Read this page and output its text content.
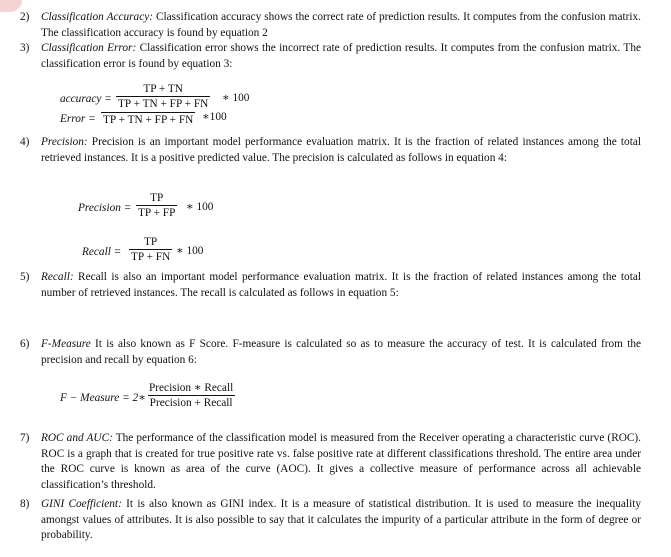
2)	Classification Accuracy: Classification accuracy shows the correct rate of prediction results. It computes from the confusion matrix. The classification accuracy is found by equation 2
3)	Classification Error: Classification error shows the incorrect rate of prediction results. It computes from the confusion matrix. The classification error is found by equation 3:
accuracy = $\frac{TP + TN}{TP + TN + FP + FN}$ ∗ 100
Error = TP + TN + FP + FN ∗100
4)	Precision: Precision is an important model performance evaluation matrix. It is the fraction of related instances among the total retrieved instances. It is a positive predicted value. The precision is calculated as follows in equation 4:
Precision = $\frac{TP}{TP + FP}$ ∗ 100
Recall = $\frac{TP}{TP + FN}$ ∗ 100
5)	Recall: Recall is also an important model performance evaluation matrix. It is the fraction of related instances among the total number of retrieved instances. The recall is calculated as follows in equation 5:
6)	F-Measure It is also known as F Score. F-measure is calculated so as to measure the accuracy of test. It is calculated from the precision and recall by equation 6:
F − Measure = 2∗
Precision ∗ Recall
Precision + Recall
7)	ROC and AUC: The performance of the classification model is measured from the Receiver operating a characteristic curve (ROC). ROC is a graph that is created for true positive rate vs. false positive rate at different classifications threshold. The entire area under the ROC curve is known as area of the curve (AOC). It gives a collective measure of performance across all achievable classification’s threshold.
8)	GINI Coefficient: It is also known as GINI index. It is a measure of statistical distribution. It is used to measure the inequality amongst values of attributes. It is also possible to say that it calculates the impurity of a particular attribute in the form of degree or probability.
